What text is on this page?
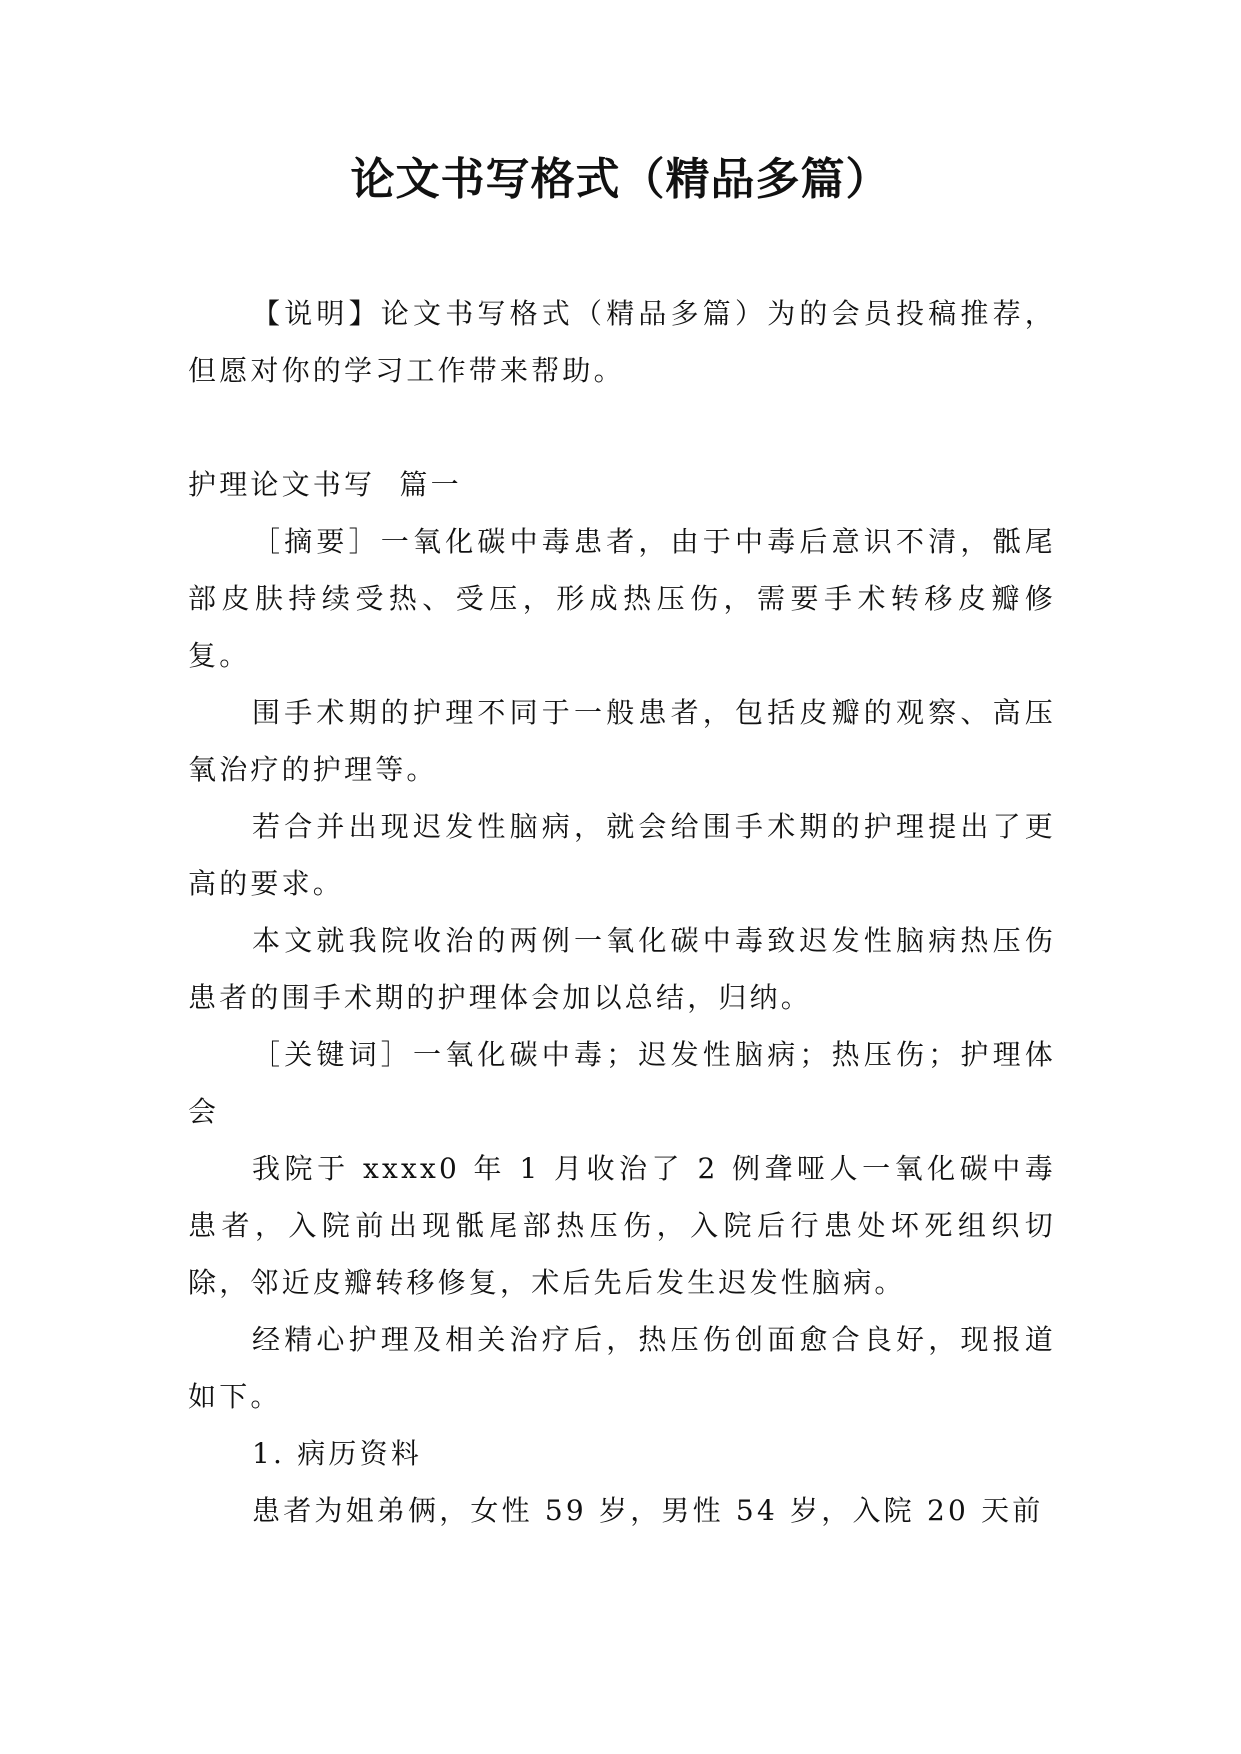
论文书写格式（精品多篇）

【说明】论文书写格式（精品多篇）为的会员投稿推荐，但愿对你的学习工作带来帮助。

护理论文书写  篇一

［摘要］一氧化碳中毒患者，由于中毒后意识不清，骶尾部皮肤持续受热、受压，形成热压伤，需要手术转移皮瓣修复。

围手术期的护理不同于一般患者，包括皮瓣的观察、高压氧治疗的护理等。

若合并出现迟发性脑病，就会给围手术期的护理提出了更高的要求。

本文就我院收治的两例一氧化碳中毒致迟发性脑病热压伤患者的围手术期的护理体会加以总结，归纳。

［关键词］一氧化碳中毒；迟发性脑病；热压伤；护理体会

我院于 xxxx0 年 1 月收治了 2 例聋哑人一氧化碳中毒患者，入院前出现骶尾部热压伤，入院后行患处坏死组织切除，邻近皮瓣转移修复，术后先后发生迟发性脑病。

经精心护理及相关治疗后，热压伤创面愈合良好，现报道如下。

1. 病历资料

患者为姐弟俩，女性 59 岁，男性 54 岁，入院 20 天前
